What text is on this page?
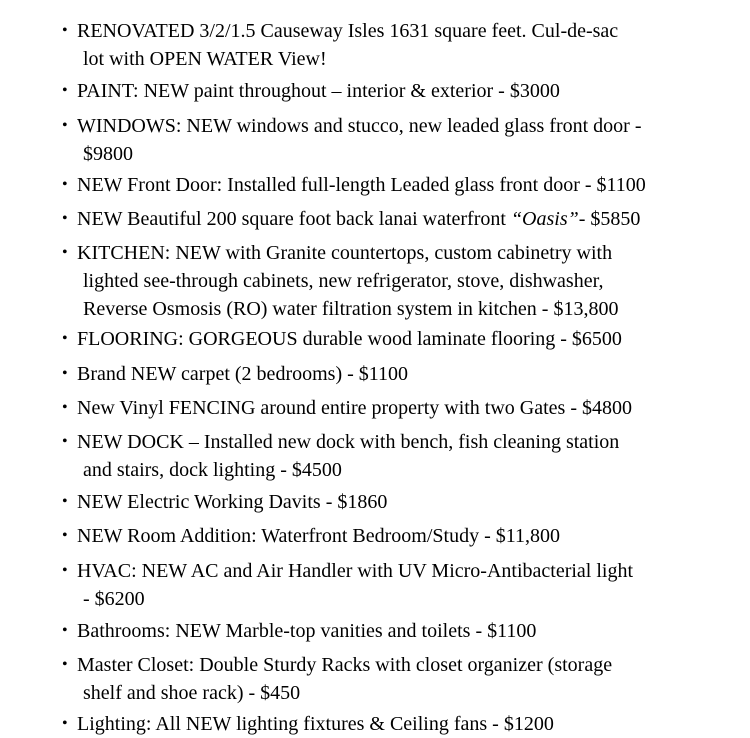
• RENOVATED 3/2/1.5 Causeway Isles 1631 square feet. Cul-de-sac
lot with OPEN WATER View!
• PAINT: NEW paint throughout – interior & exterior - $3000
• WINDOWS: NEW windows and stucco, new leaded glass front door -
$9800
• NEW Front Door: Installed full-length Leaded glass front door - $1100
• NEW Beautiful 200 square foot back lanai waterfront “Oasis”- $5850
• KITCHEN: NEW with Granite countertops, custom cabinetry with
lighted see-through cabinets, new refrigerator, stove, dishwasher,
Reverse Osmosis (RO) water filtration system in kitchen - $13,800
• FLOORING: GORGEOUS durable wood laminate flooring - $6500
• Brand NEW carpet (2 bedrooms) - $1100
• New Vinyl FENCING around entire property with two Gates - $4800
• NEW DOCK – Installed new dock with bench, fish cleaning station
and stairs, dock lighting - $4500
• NEW Electric Working Davits - $1860
• NEW Room Addition: Waterfront Bedroom/Study - $11,800
• HVAC: NEW AC and Air Handler with UV Micro-Antibacterial light
- $6200
• Bathrooms: NEW Marble-top vanities and toilets - $1100
• Master Closet: Double Sturdy Racks with closet organizer (storage
shelf and shoe rack) - $450
• Lighting: All NEW lighting fixtures & Ceiling fans - $1200
